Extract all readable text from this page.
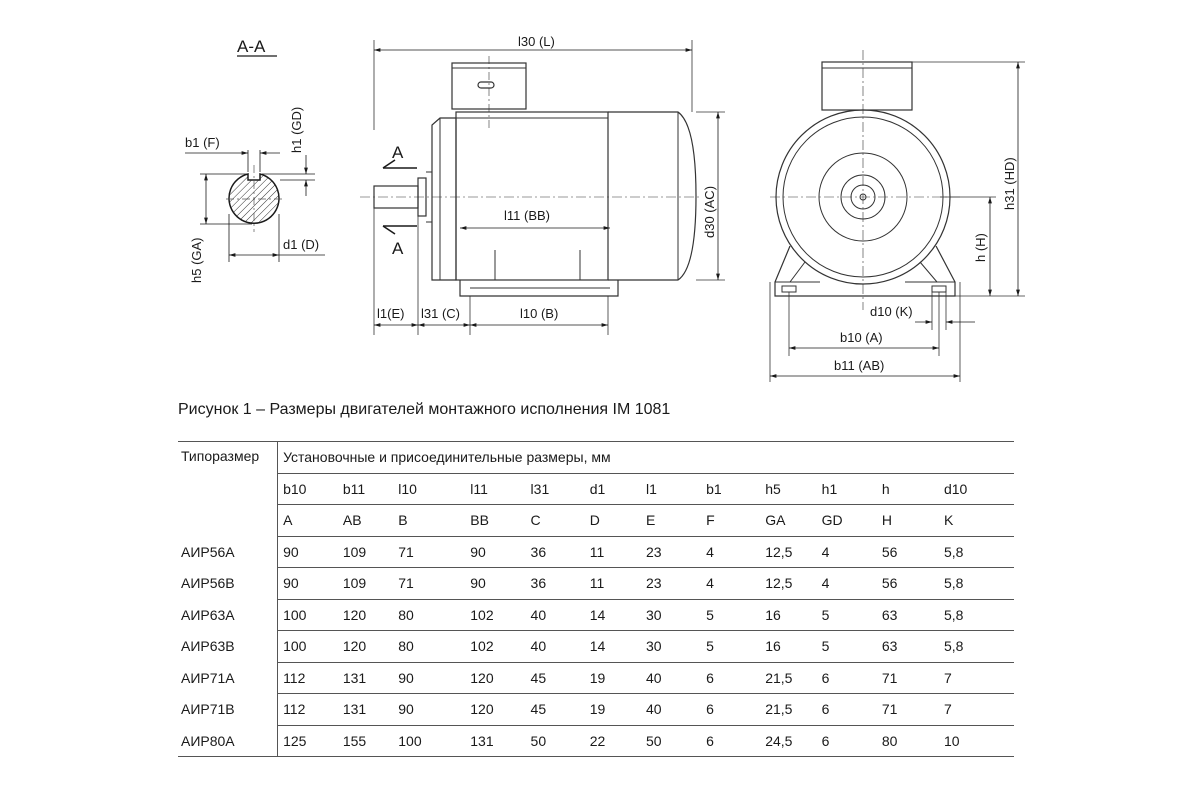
A-A
b1 (F)	h1 (GD)
h5 (GA)	d1 (D)
l30 (L)
A
A
l11 (BB)	d30 (AC)
l1(E) l31 (C)	l10 (B)
h31 (HD)
h (H)
d10 (K)
b10 (A)
b11 (AB)
Рисунок 1 – Размеры двигателей монтажного исполнения IM 1081
Типоразмер	Установочные и присоединительные размеры, мм											
	b10	b11	l10	l11	l31	d1	l1	b1	h5	h1	h	d10
	A	AB	B	BB	C	D	E	F	GA	GD	H	K
АИР56А	90	109	71	90	36	11	23	4	12,5	4	56	5,8
АИР56В	90	109	71	90	36	11	23	4	12,5	4	56	5,8
АИР63А	100	120	80	102	40	14	30	5	16	5	63	5,8
АИР63В	100	120	80	102	40	14	30	5	16	5	63	5,8
АИР71А	112	131	90	120	45	19	40	6	21,5	6	71	7
АИР71В	112	131	90	120	45	19	40	6	21,5	6	71	7
АИР80А	125	155	100	131	50	22	50	6	24,5	6	80	10
